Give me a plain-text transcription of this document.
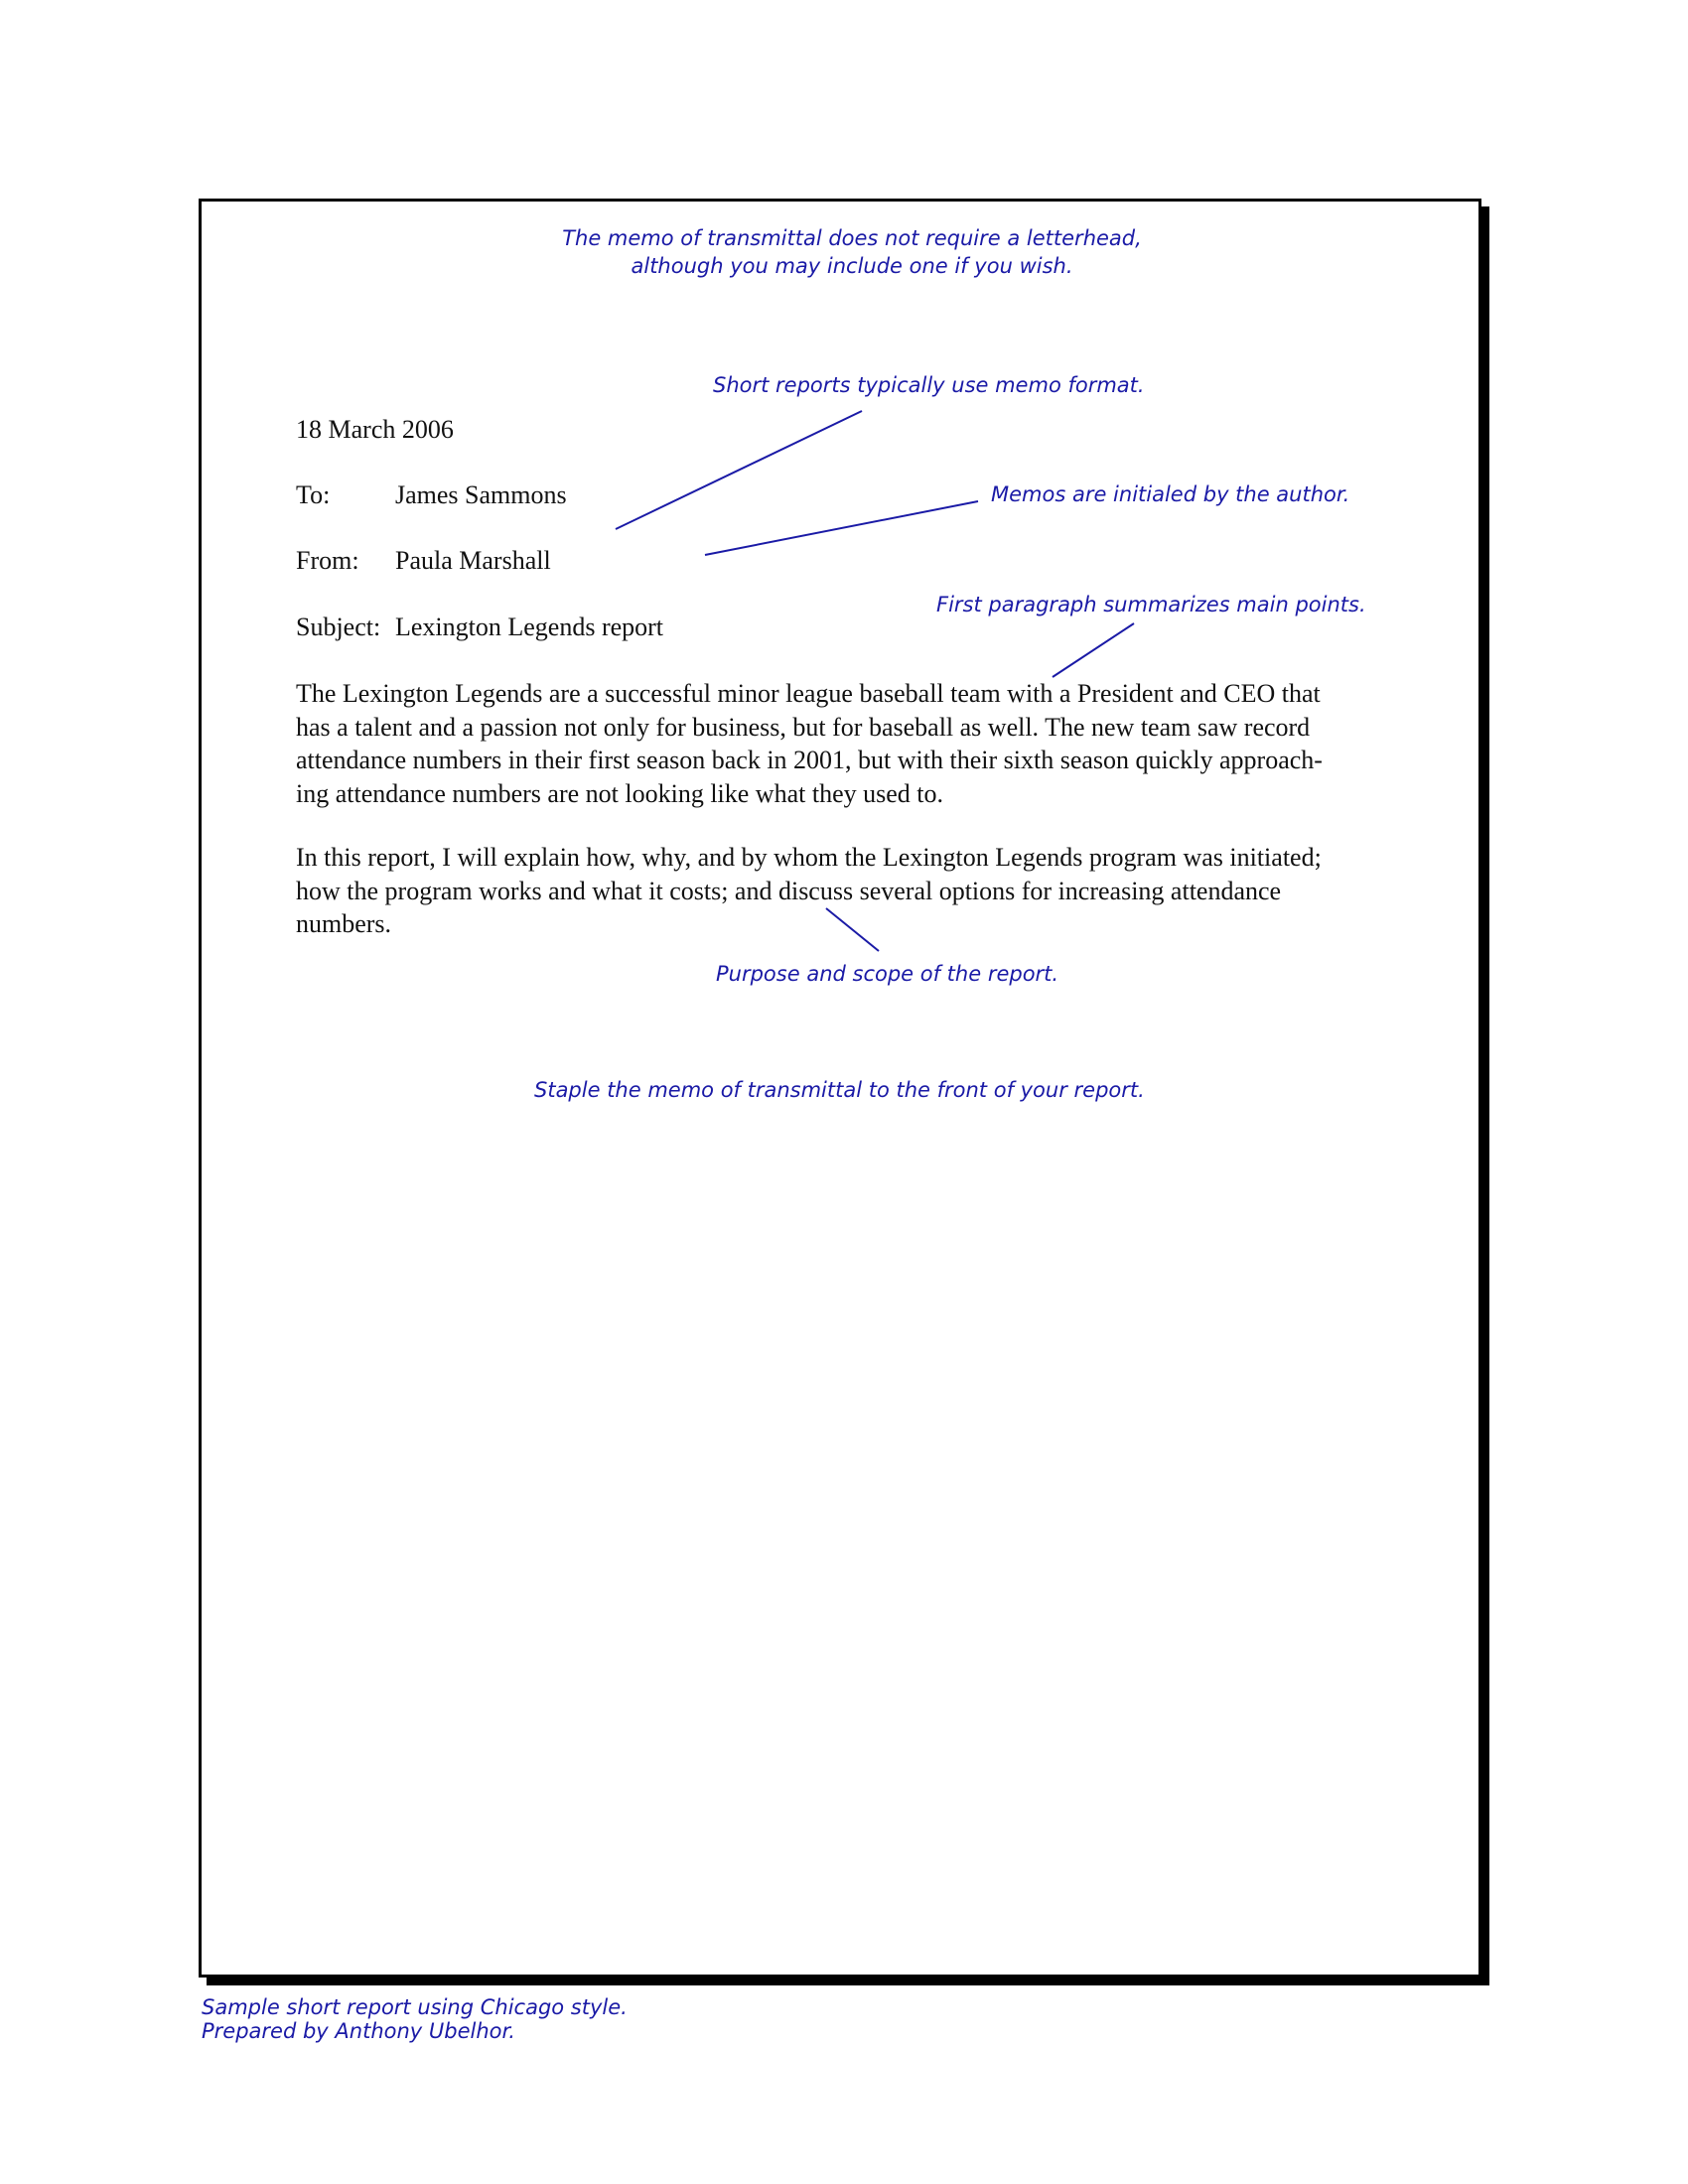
The memo of transmittal does not require a letterhead,
although you may include one if you wish.
Short reports typically use memo format.
Memos are initialed by the author.
First paragraph summarizes main points.
18 March 2006
To:	James Sammons
From: Paula Marshall
Subject: Lexington Legends report
The Lexington Legends are a successful minor league baseball team with a President and CEO that
has a talent and a passion not only for business, but for baseball as well. The new team saw record
attendance numbers in their first season back in 2001, but with their sixth season quickly approach-
ing attendance numbers are not looking like what they used to.
In this report, I will explain how, why, and by whom the Lexington Legends program was initiated;
how the program works and what it costs; and discuss several options for increasing attendance
numbers.
Purpose and scope of the report.
Staple the memo of transmittal to the front of your report.
Sample short report using Chicago style.
Prepared by Anthony Ubelhor.
